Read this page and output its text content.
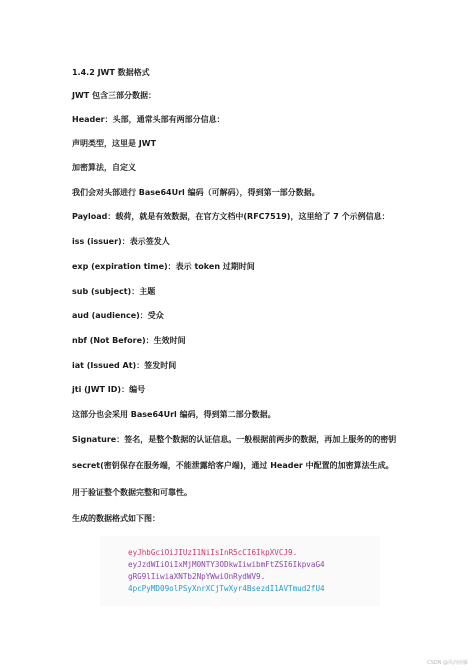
1.4.2 JWT 数据格式
JWT 包含三部分数据：
Header：头部，通常头部有两部分信息：
声明类型，这里是 JWT
加密算法，自定义
我们会对头部进行 Base64Url 编码（可解码），得到第一部分数据。
Payload：载荷，就是有效数据，在官方文档中(RFC7519)，这里给了 7 个示例信息：
iss (issuer)：表示签发人
exp (expiration time)：表示 token 过期时间
sub (subject)：主题
aud (audience)：受众
nbf (Not Before)：生效时间
iat (Issued At)：签发时间
jti (JWT ID)：编号
这部分也会采用 Base64Url 编码，得到第二部分数据。
Signature：签名，是整个数据的认证信息。一般根据前两步的数据，再加上服务的的密钥
secret(密钥保存在服务端，不能泄露给客户端)，通过 Header 中配置的加密算法生成。
用于验证整个数据完整和可靠性。
生成的数据格式如下图：
eyJhbGciOiJIUzI1NiIsInR5cCI6IkpXVCJ9.
eyJzdWIiOiIxMjM0NTY3ODkwIiwibmFtZSI6IkpvaG4
gRG9lIiwiaXNTb2NpYWwiOnRydWV9.
4pcPyMD09olPSyXnrXCjTwXyr4BsezdI1AVTmud2fU4
CSDN @风西南雁
